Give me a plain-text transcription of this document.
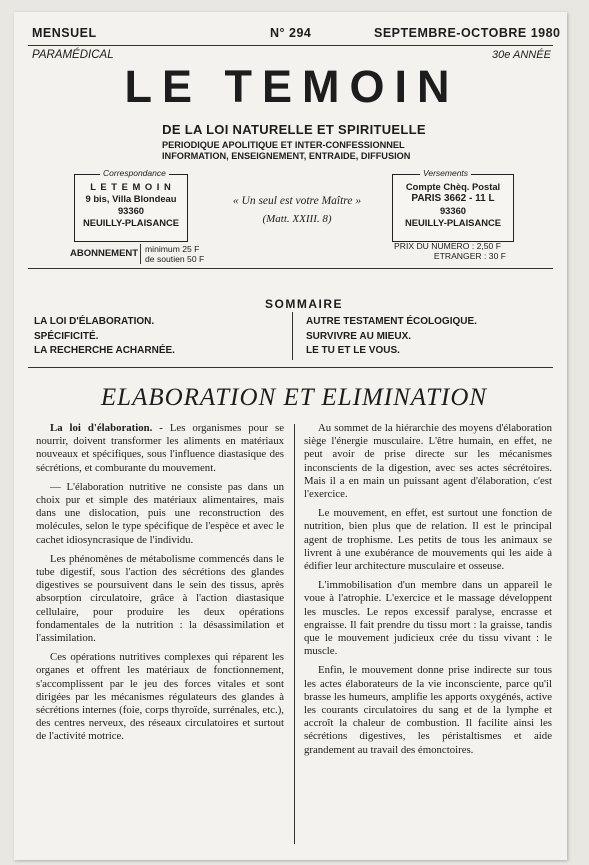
MENSUEL	N° 294	SEPTEMBRE-OCTOBRE 1980
PARAMÉDICAL	30e ANNÉE
LE TEMOIN
DE LA LOI NATURELLE ET SPIRITUELLE
PERIODIQUE APOLITIQUE ET INTER-CONFESSIONNEL
INFORMATION, ENSEIGNEMENT, ENTRAIDE, DIFFUSION
L E T E M O I N
9 bis, Villa Blondeau
93360
NEUILLY-PLAISANCE
Correspondance
« Un seul est votre Maître »
(Matt. XXIII. 8)
Compte Chèq. Postal
PARIS 3662 - 11 L
93360
NEUILLY-PLAISANCE
Versements
ABONNEMENT minimum 25 F
de soutien 50 F
PRIX DU NUMERO : 2,50 F
ETRANGER : 30 F
SOMMAIRE
LA LOI D'ÉLABORATION.
SPÉCIFICITÉ.
LA RECHERCHE ACHARNÉE.
AUTRE TESTAMENT ÉCOLOGIQUE.
SURVIVRE AU MIEUX.
LE TU ET LE VOUS.
ELABORATION ET ELIMINATION

La loi d'élaboration. - Les organismes pour se nourrir, doivent transformer les aliments en matériaux nouveaux et spécifiques, sous l'influence diastasique des sécrétions, et comburante du mouvement.

— L'élaboration nutritive ne consiste pas dans un choix pur et simple des matériaux alimentaires, mais dans une dislocation, puis une reconstruction des molécules, selon le type spécifique de l'espèce et avec le cachet idiosyncrasique de l'individu.

Les phénomènes de métabolisme commencés dans le tube digestif, sous l'action des sécrétions des glandes digestives se poursuivent dans le sein des tissus, après absorption circulatoire, grâce à l'action diastasique cellulaire, pour produire les deux opérations fondamentales de la nutrition : la désassimilation et l'assimilation.

Ces opérations nutritives complexes qui réparent les organes et offrent les matériaux de fonctionnement, s'accomplissent par le jeu des forces vitales et sont dirigées par les mécanismes régulateurs des glandes à sécrétions internes (foie, corps thyroïde, surrénales, etc.), des centres nerveux, des réseaux circulatoires et surtout de l'activité motrice.

Au sommet de la hiérarchie des moyens d'élaboration siège l'énergie musculaire. L'être humain, en effet, ne peut avoir de prise directe sur les mécanismes inconscients de la digestion, avec ses actes sécrétoires. Mais il a en main un puissant agent d'élaboration, c'est l'exercice.

Le mouvement, en effet, est surtout une fonction de nutrition, bien plus que de relation. Il est le principal agent de trophisme. Les petits de tous les animaux se livrent à une exubérance de mouvements qui les aide à édifier leur architecture musculaire et osseuse.

L'immobilisation d'un membre dans un appareil le voue à l'atrophie. L'exercice et le massage développent les muscles. Le repos excessif paralyse, encrasse et engraisse. Il fait prendre du tissu mort : la graisse, tandis que le mouvement judicieux crée du tissu vivant : le muscle.

Enfin, le mouvement donne prise indirecte sur tous les actes élaborateurs de la vie inconsciente, parce qu'il brasse les humeurs, amplifie les apports oxygénés, active les courants circulatoires du sang et de la lymphe et accroît la chaleur de combustion. Il facilite ainsi les sécrétions digestives, les péristaltismes et aide grandement au travail des émonctoires.
